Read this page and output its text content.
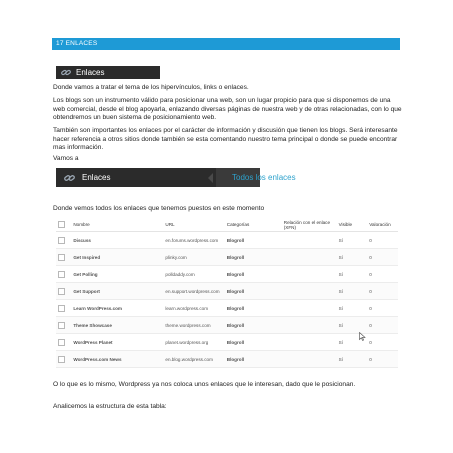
17 ENLACES
Enlaces
Donde vamos a tratar el tema de los hipervínculos, links o enlaces.
Los blogs son un instrumento válido para posicionar una web, son un lugar propicio para que si disponemos de una web comercial, desde el blog apoyarla, enlazando diversas páginas de nuestra web y de otras relacionadas, con lo que obtendremos un buen sistema de posicionamiento web.
También son importantes los enlaces por el carácter de información y discusión que tienen los blogs. Será interesante hacer referencia a otros sitios donde también se esta comentando nuestro tema principal o donde se puede encontrar mas información.
Vamos a
Enlaces	Todos los enlaces
Donde vemos todos los enlaces que tenemos puestos en este momento
	Nombre	URL	Categorías	Relación con el enlace (XFN)	Visible	Valoración
	Discuss	en.forums.wordpress.com	Blogroll		Sí	0
	Get Inspired	plinky.com	Blogroll		Sí	0
	Get Polling	polldaddy.com	Blogroll		Sí	0
	Get Support	en.support.wordpress.com	Blogroll		Sí	0
	Learn WordPress.com	learn.wordpress.com	Blogroll		Sí	0
	Theme Showcase	theme.wordpress.com	Blogroll		Sí	0
	WordPress Planet	planet.wordpress.org	Blogroll		Sí	0
	WordPress.com News	en.blog.wordpress.com	Blogroll		Sí	0
O lo que es lo mismo, Wordpress ya nos coloca unos enlaces que le interesan, dado que le posicionan.
Analicemos la estructura de esta tabla:
